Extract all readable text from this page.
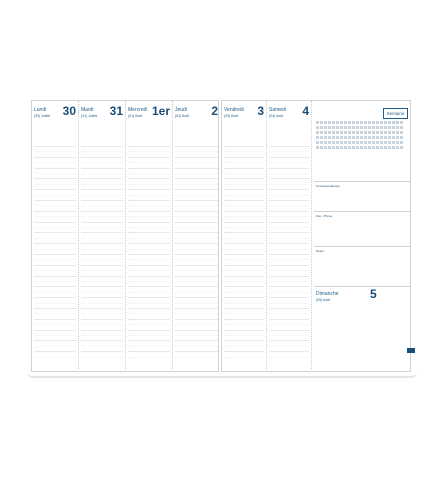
Lundi 30
(30) Juillet
Mardi 31
(31) Juillet
Mercredi 1er
(01) Août
Jeudi 2
(02) Août
Vendredi 3
(03) Août
Samedi 4
(04) Août	Semaine
Correspondances
Fax - Phone
Notes
Dimanche	5
(05) Août
